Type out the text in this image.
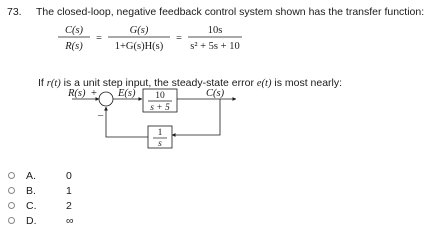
73. The closed-loop, negative feedback control system shown has the transfer function:
C(s)
R(s)
=
G(s)
1+G(s)H(s)
=
10s
s² + 5s + 10
If r(t) is a unit step input, the steady-state error e(t) is most nearly:
R(s) + E(s)	C(s)
–
10
s + 5
1
s
A.	0
B.	1
C.	2
D.	∞
